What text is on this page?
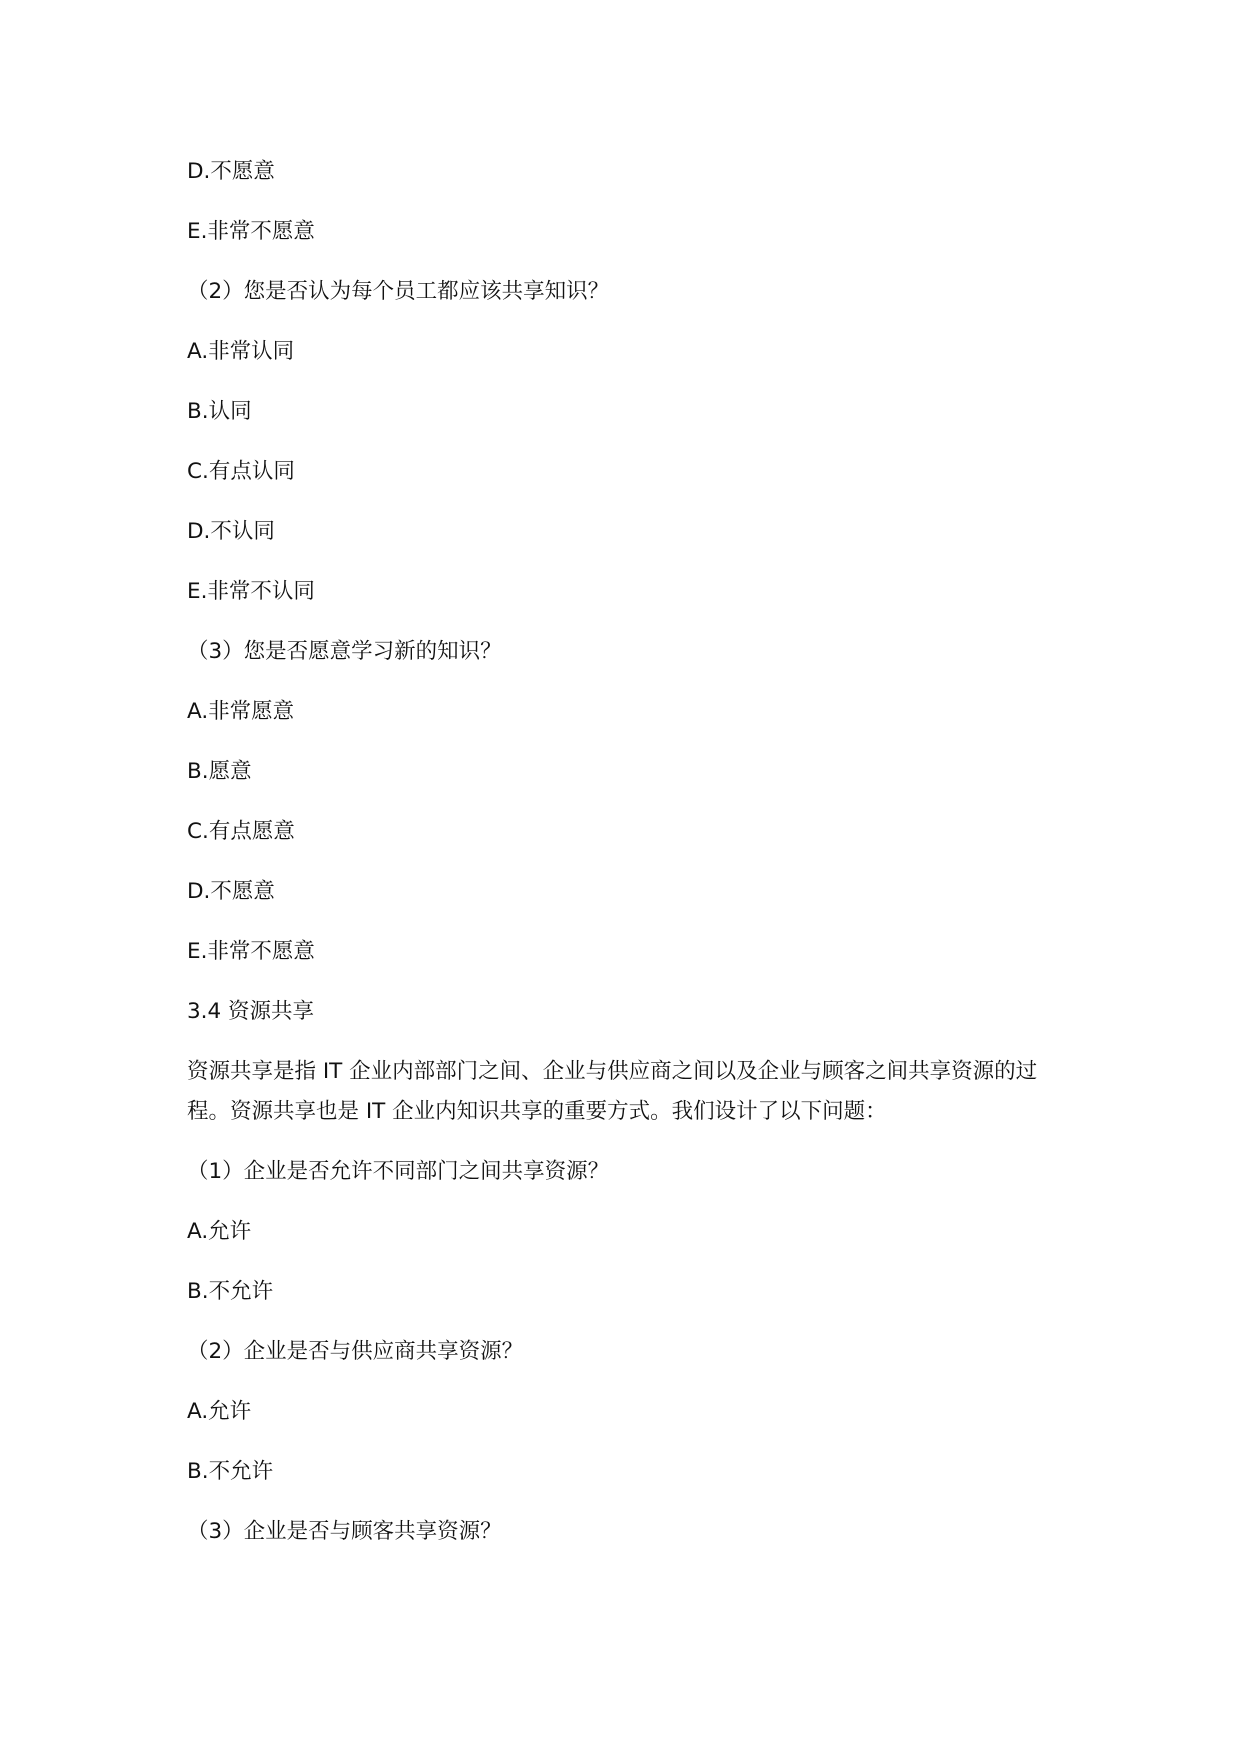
D.不愿意
E.非常不愿意
（2）您是否认为每个员工都应该共享知识？
A.非常认同
B.认同
C.有点认同
D.不认同
E.非常不认同
（3）您是否愿意学习新的知识？
A.非常愿意
B.愿意
C.有点愿意
D.不愿意
E.非常不愿意
3.4 资源共享
资源共享是指 IT 企业内部部门之间、企业与供应商之间以及企业与顾客之间共享资源的过程。资源共享也是 IT 企业内知识共享的重要方式。我们设计了以下问题：
（1）企业是否允许不同部门之间共享资源？
A.允许
B.不允许
（2）企业是否与供应商共享资源？
A.允许
B.不允许
（3）企业是否与顾客共享资源？
